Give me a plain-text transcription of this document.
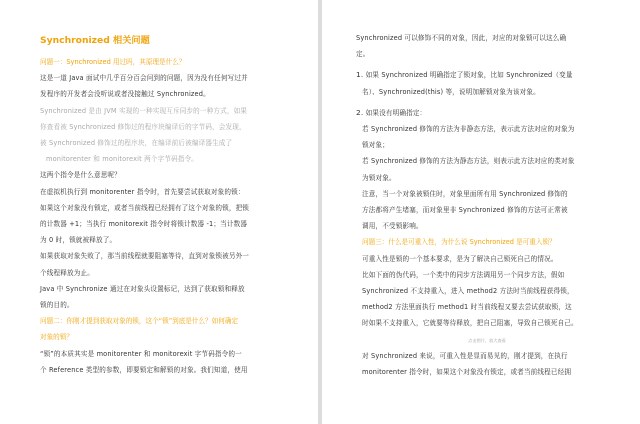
Synchronized 相关问题
问题一：Synchronized 用过吗，其原理是什么？
这是一道 Java 面试中几乎百分百会问到的问题，因为没有任何写过并
发程序的开发者会没听说或者没接触过 Synchronized。
Synchronized 是由 JVM 实现的一种实现互斥同步的一种方式，如果
你查看被 Synchronized 修饰过的程序块编译后的字节码，会发现，
被 Synchronized 修饰过的程序块，在编译前后被编译器生成了
monitorenter 和 monitorexit 两个字节码指令。
这两个指令是什么意思呢？
在虚拟机执行到 monitorenter 指令时，首先要尝试获取对象的锁：
如果这个对象没有锁定，或者当前线程已经拥有了这个对象的锁，把锁
的计数器 +1；当执行 monitorexit 指令时将锁计数器 -1；当计数器
为 0 时，锁就被释放了。
如果获取对象失败了，那当前线程就要阻塞等待，直到对象锁被另外一
个线程释放为止。
Java 中 Synchronize 通过在对象头设置标记，达到了获取锁和释放
锁的目的。
问题二：你刚才提到获取对象的锁，这个“锁”到底是什么？如何确定
对象的锁？
“锁”的本质其实是 monitorenter 和 monitorexit 字节码指令的一
个 Reference 类型的参数，即要锁定和解锁的对象。我们知道，使用
Synchronized 可以修饰不同的对象，因此，对应的对象锁可以这么确
定。
1. 如果 Synchronized 明确指定了锁对象，比如 Synchronized（变量
名）、Synchronized(this) 等，说明加解锁对象为该对象。
2. 如果没有明确指定：
若 Synchronized 修饰的方法为非静态方法，表示此方法对应的对象为
锁对象；
若 Synchronized 修饰的方法为静态方法，则表示此方法对应的类对象
为锁对象。
注意，当一个对象被锁住时，对象里面所有用 Synchronized 修饰的
方法都将产生堵塞，而对象里非 Synchronized 修饰的方法可正常被
调用，不受锁影响。
问题三：什么是可重入性，为什么说 Synchronized 是可重入锁？
可重入性是锁的一个基本要求，是为了解决自己锁死自己的情况。
比如下面的伪代码，一个类中的同步方法调用另一个同步方法，假如
Synchronized 不支持重入，进入 method2 方法时当前线程获得锁，
method2 方法里面执行 method1 时当前线程又要去尝试获取锁，这
时如果不支持重入，它就要等待释放，把自己阻塞，导致自己锁死自己。
点击图片，放大查看
对 Synchronized 来说，可重入性是显而易见的，刚才提到，在执行
monitorenter 指令时，如果这个对象没有锁定，或者当前线程已经拥
